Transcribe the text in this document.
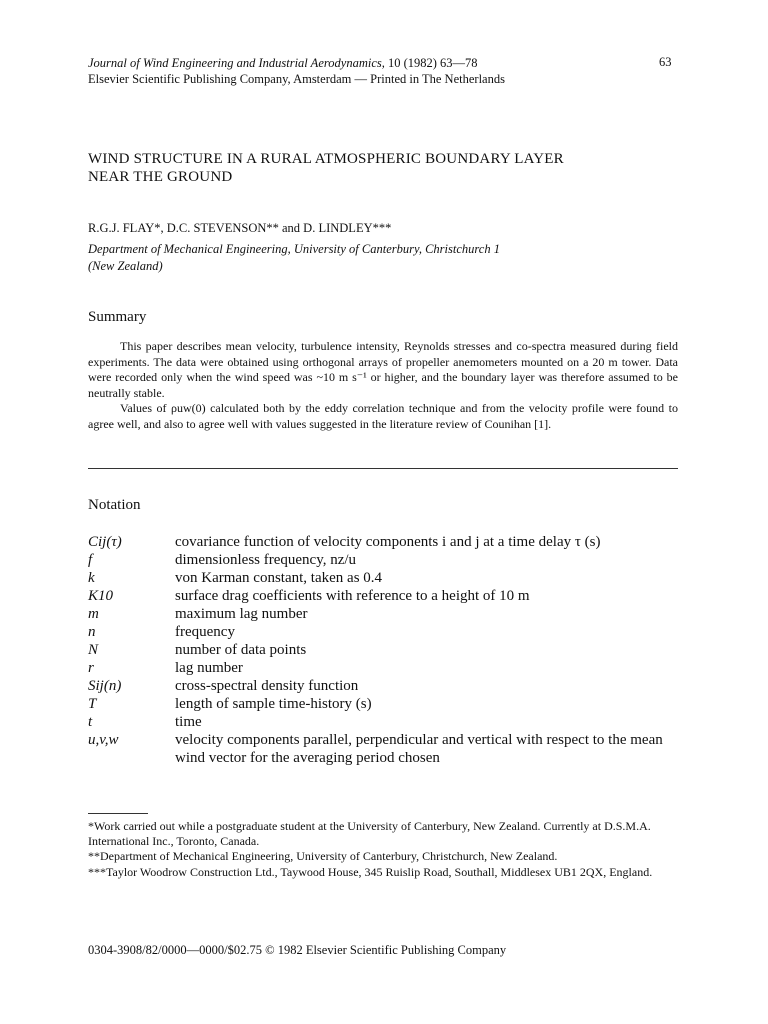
Journal of Wind Engineering and Industrial Aerodynamics, 10 (1982) 63—78	63
Elsevier Scientific Publishing Company, Amsterdam — Printed in The Netherlands
WIND STRUCTURE IN A RURAL ATMOSPHERIC BOUNDARY LAYER
NEAR THE GROUND
R.G.J. FLAY*, D.C. STEVENSON** and D. LINDLEY***
Department of Mechanical Engineering, University of Canterbury, Christchurch 1
(New Zealand)
Summary

This paper describes mean velocity, turbulence intensity, Reynolds stresses and co-spectra measured during field experiments. The data were obtained using orthogonal arrays of propeller anemometers mounted on a 20 m tower. Data were recorded only when the wind speed was ~10 m s⁻¹ or higher, and the boundary layer was therefore assumed to be neutrally stable.

Values of ρuw(0) calculated both by the eddy correlation technique and from the velocity profile were found to agree well, and also to agree well with values suggested in the literature review of Counihan [1].

Notation
Cij(τ)	covariance function of velocity components i and j at a time delay τ (s)
f	dimensionless frequency, nz/u
k	von Karman constant, taken as 0.4
K10	surface drag coefficients with reference to a height of 10 m
m	maximum lag number
n	frequency
N	number of data points
r	lag number
Sij(n)	cross-spectral density function
T	length of sample time-history (s)
t	time
u,v,w	velocity components parallel, perpendicular and vertical with respect to the mean wind vector for the averaging period chosen

*Work carried out while a postgraduate student at the University of Canterbury, New Zealand. Currently at D.S.M.A. International Inc., Toronto, Canada.

**Department of Mechanical Engineering, University of Canterbury, Christchurch, New Zealand.

***Taylor Woodrow Construction Ltd., Taywood House, 345 Ruislip Road, Southall, Middlesex UB1 2QX, England.

0304-3908/82/0000—0000/$02.75 © 1982 Elsevier Scientific Publishing Company
